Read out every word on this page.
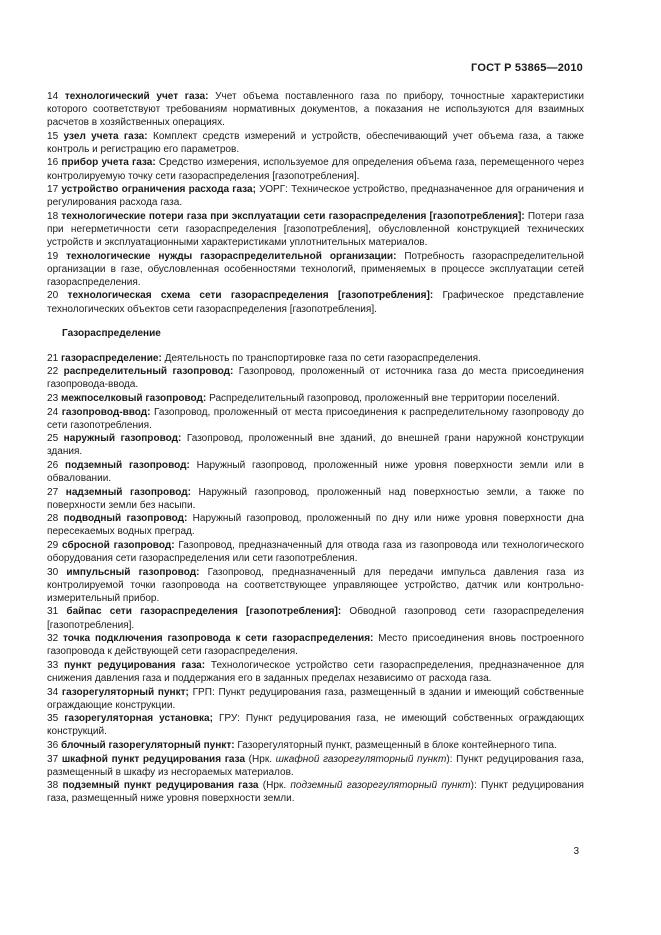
ГОСТ Р 53865—2010

14 технологический учет газа: Учет объема поставленного газа по прибору, точностные характеристики которого соответствуют требованиям нормативных документов, а показания не используются для взаимных расчетов в хозяйственных операциях.

15 узел учета газа: Комплект средств измерений и устройств, обеспечивающий учет объема газа, а также контроль и регистрацию его параметров.

16 прибор учета газа: Средство измерения, используемое для определения объема газа, перемещенного через контролируемую точку сети газораспределения [газопотребления].

17 устройство ограничения расхода газа; УОРГ: Техническое устройство, предназначенное для ограничения и регулирования расхода газа.

18 технологические потери газа при эксплуатации сети газораспределения [газопотребления]: Потери газа при негерметичности сети газораспределения [газопотребления], обусловленной конструкцией технических устройств и эксплуатационными характеристиками уплотнительных материалов.

19 технологические нужды газораспределительной организации: Потребность газораспределительной организации в газе, обусловленная особенностями технологий, применяемых в процессе эксплуатации сетей газораспределения.

20 технологическая схема сети газораспределения [газопотребления]: Графическое представление технологических объектов сети газораспределения [газопотребления].

Газораспределение

21 газораспределение: Деятельность по транспортировке газа по сети газораспределения.

22 распределительный газопровод: Газопровод, проложенный от источника газа до места присоединения газопровода-ввода.

23 межпоселковый газопровод: Распределительный газопровод, проложенный вне территории поселений.

24 газопровод-ввод: Газопровод, проложенный от места присоединения к распределительному газопроводу до сети газопотребления.

25 наружный газопровод: Газопровод, проложенный вне зданий, до внешней грани наружной конструкции здания.

26 подземный газопровод: Наружный газопровод, проложенный ниже уровня поверхности земли или в обваловании.

27 надземный газопровод: Наружный газопровод, проложенный над поверхностью земли, а также по поверхности земли без насыпи.

28 подводный газопровод: Наружный газопровод, проложенный по дну или ниже уровня поверхности дна пересекаемых водных преград.

29 сбросной газопровод: Газопровод, предназначенный для отвода газа из газопровода или технологического оборудования сети газораспределения или сети газопотребления.

30 импульсный газопровод: Газопровод, предназначенный для передачи импульса давления газа из контролируемой точки газопровода на соответствующее управляющее устройство, датчик или контрольно-измерительный прибор.

31 байпас сети газораспределения [газопотребления]: Обводной газопровод сети газораспределения [газопотребления].

32 точка подключения газопровода к сети газораспределения: Место присоединения вновь построенного газопровода к действующей сети газораспределения.

33 пункт редуцирования газа: Технологическое устройство сети газораспределения, предназначенное для снижения давления газа и поддержания его в заданных пределах независимо от расхода газа.

34 газорегуляторный пункт; ГРП: Пункт редуцирования газа, размещенный в здании и имеющий собственные ограждающие конструкции.

35 газорегуляторная установка; ГРУ: Пункт редуцирования газа, не имеющий собственных ограждающих конструкций.

36 блочный газорегуляторный пункт: Газорегуляторный пункт, размещенный в блоке контейнерного типа.

37 шкафной пункт редуцирования газа (Нрк. шкафной газорегуляторный пункт): Пункт редуцирования газа, размещенный в шкафу из несгораемых материалов.

38 подземный пункт редуцирования газа (Нрк. подземный газорегуляторный пункт): Пункт редуцирования газа, размещенный ниже уровня поверхности земли.

3
